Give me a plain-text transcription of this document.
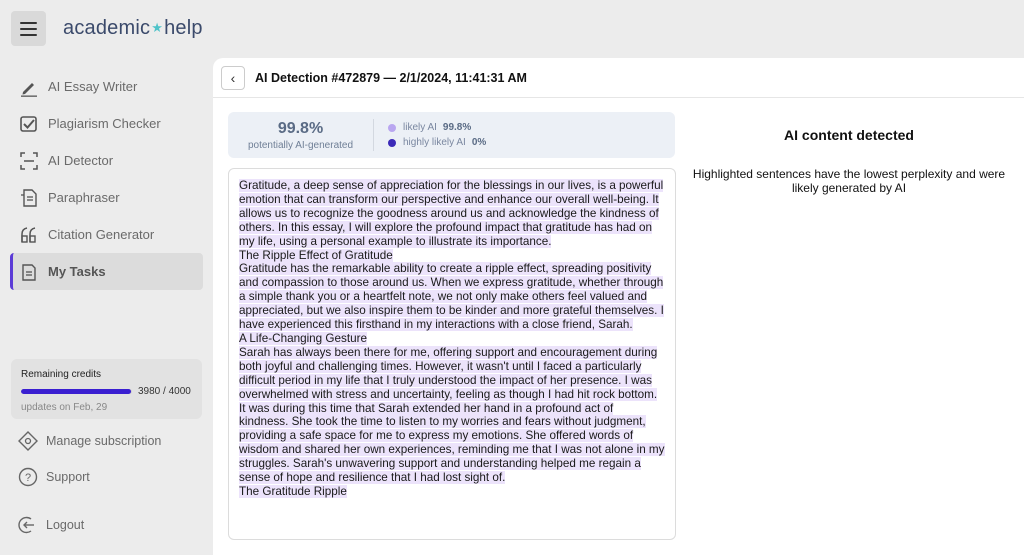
academic★help
AI Essay Writer
Plagiarism Checker
AI Detector
Paraphraser
Citation Generator
My Tasks
Remaining credits
3980 / 4000
updates on Feb, 29
Manage subscription
? Support
Logout
‹ AI Detection #472879 — 2/1/2024, 11:41:31 AM
99.8%
potentially AI-generated
likely AI 99.8%
highly likely AI 0%

Gratitude, a deep sense of appreciation for the blessings in our lives, is a powerful emotion that can transform our perspective and enhance our overall well-being. It allows us to recognize the goodness around us and acknowledge the kindness of others. In this essay, I will explore the profound impact that gratitude has had on my life, using a personal example to illustrate its importance.
The Ripple Effect of Gratitude
Gratitude has the remarkable ability to create a ripple effect, spreading positivity and compassion to those around us. When we express gratitude, whether through a simple thank you or a heartfelt note, we not only make others feel valued and appreciated, but we also inspire them to be kinder and more grateful themselves. I have experienced this firsthand in my interactions with a close friend, Sarah.
A Life-Changing Gesture
Sarah has always been there for me, offering support and encouragement during both joyful and challenging times. However, it wasn't until I faced a particularly difficult period in my life that I truly understood the impact of her presence. I was overwhelmed with stress and uncertainty, feeling as though I had hit rock bottom. It was during this time that Sarah extended her hand in a profound act of kindness. She took the time to listen to my worries and fears without judgment, providing a safe space for me to express my emotions. She offered words of wisdom and shared her own experiences, reminding me that I was not alone in my struggles. Sarah's unwavering support and understanding helped me regain a sense of hope and resilience that I had lost sight of.
The Gratitude Ripple

AI content detected
Highlighted sentences have the lowest perplexity and were likely generated by AI
